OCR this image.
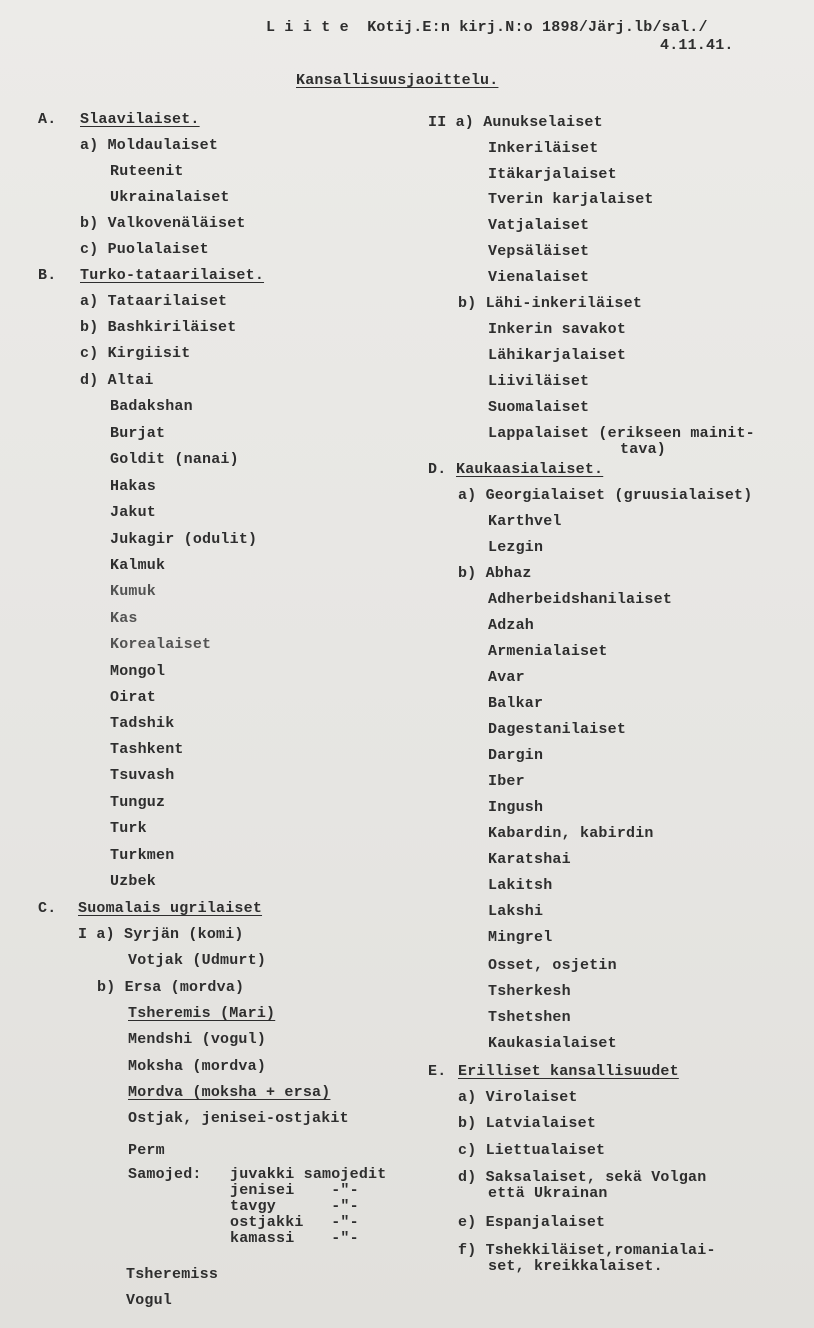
L i i t e  Kotij.E:n kirj.N:o 1898/Järj.lb/sal./
4.11.41.
Kansallisuusjaoittelu.
A. Slaavilaiset.
a) Moldaulaiset
Ruteenit
Ukrainalaiset
b) Valkovenäläiset
c) Puolalaiset
B. Turko-tataarilaiset.
a) Tataarilaiset
b) Bashkiriläiset
c) Kirgiisit
d) Altai
Badakshan
Burjat
Goldit (nanai)
Hakas
Jakut
Jukagir (odulit)
Kalmuk
Kumuk
Kas
Korealaiset
Mongol
Oirat
Tadshik
Tashkent
Tsuvash
Tunguz
Turk
Turkmen
Uzbek
C. Suomalais ugrilaiset
I a) Syrjän (komi)
Votjak (Udmurt)
b) Ersa (mordva)
Tsheremis (Mari)
Mendshi (vogul)
Moksha (mordva)
Mordva (moksha + ersa)
Ostjak, jenisei-ostjakit
Perm
Samojed: juvakki samojedit
jenisei    -"-
tavgy      -"-
ostjakki   -"-
kamassi    -"-
Tsheremiss
Vogul
II a) Aunukselaiset
Inkeriläiset
Itäkarjalaiset
Tverin karjalaiset
Vatjalaiset
Vepsäläiset
Vienalaiset
b) Lähi-inkeriläiset
Inkerin savakot
Lähikarjalaiset
Liiviläiset
Suomalaiset
Lappalaiset (erikseen mainit-
tava)
D. Kaukaasialaiset.
a) Georgialaiset (gruusialaiset)
Karthvel
Lezgin
b) Abhaz
Adherbeidshanilaiset
Adzah
Armenialaiset
Avar
Balkar
Dagestanilaiset
Dargin
Iber
Ingush
Kabardin, kabirdin
Karatshai
Lakitsh
Lakshi
Mingrel
Osset, osjetin
Tsherkesh
Tshetshen
Kaukasialaiset
E. Erilliset kansallisuudet
a) Virolaiset
b) Latvialaiset
c) Liettualaiset
d) Saksalaiset, sekä Volgan
että Ukrainan
e) Espanjalaiset
f) Tshekkiläiset,romanialai-
set, kreikkalaiset.
